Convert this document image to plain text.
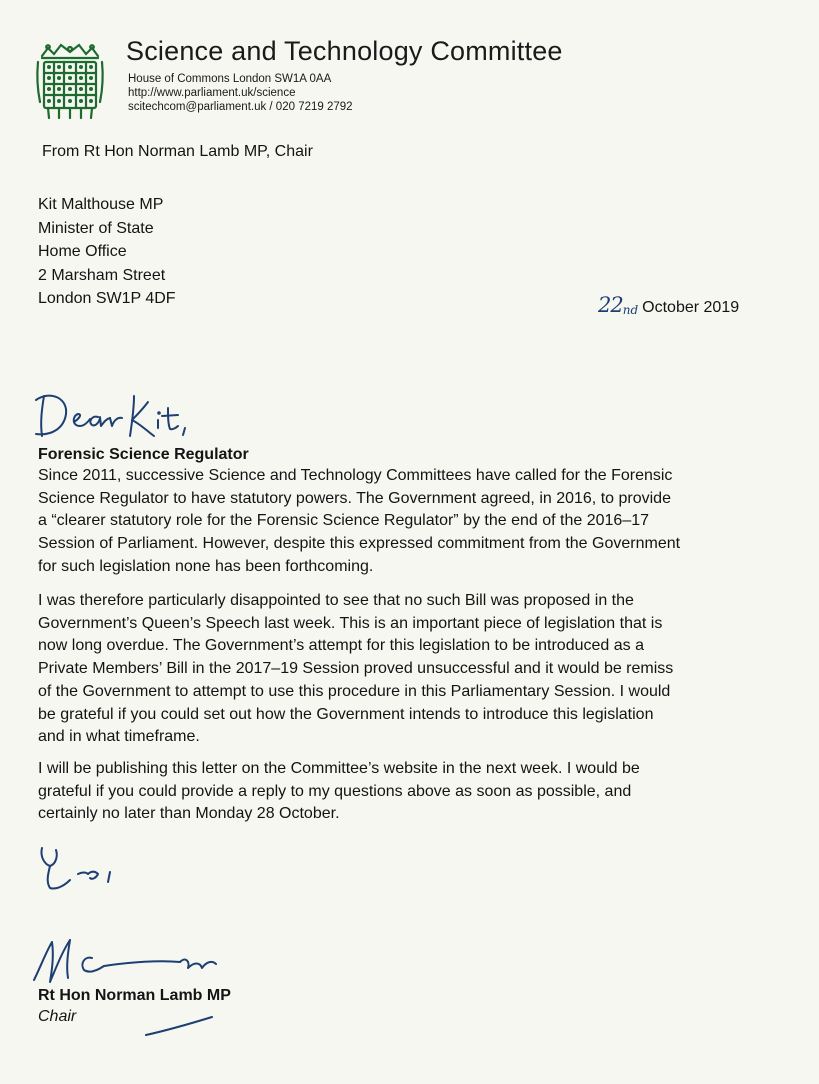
Science and Technology Committee
House of Commons London SW1A 0AA
http://www.parliament.uk/science
scitechcom@parliament.uk / 020 7219 2792
From Rt Hon Norman Lamb MP, Chair
Kit Malthouse MP
Minister of State
Home Office
2 Marsham Street
London SW1P 4DF	22nd October 2019
Forensic Science Regulator
Since 2011, successive Science and Technology Committees have called for the Forensic
Science Regulator to have statutory powers. The Government agreed, in 2016, to provide
a “clearer statutory role for the Forensic Science Regulator” by the end of the 2016–17
Session of Parliament. However, despite this expressed commitment from the Government
for such legislation none has been forthcoming.
I was therefore particularly disappointed to see that no such Bill was proposed in the
Government’s Queen’s Speech last week. This is an important piece of legislation that is
now long overdue. The Government’s attempt for this legislation to be introduced as a
Private Members’ Bill in the 2017–19 Session proved unsuccessful and it would be remiss
of the Government to attempt to use this procedure in this Parliamentary Session. I would
be grateful if you could set out how the Government intends to introduce this legislation
and in what timeframe.
I will be publishing this letter on the Committee’s website in the next week. I would be
grateful if you could provide a reply to my questions above as soon as possible, and
certainly no later than Monday 28 October.
Rt Hon Norman Lamb MP
Chair
